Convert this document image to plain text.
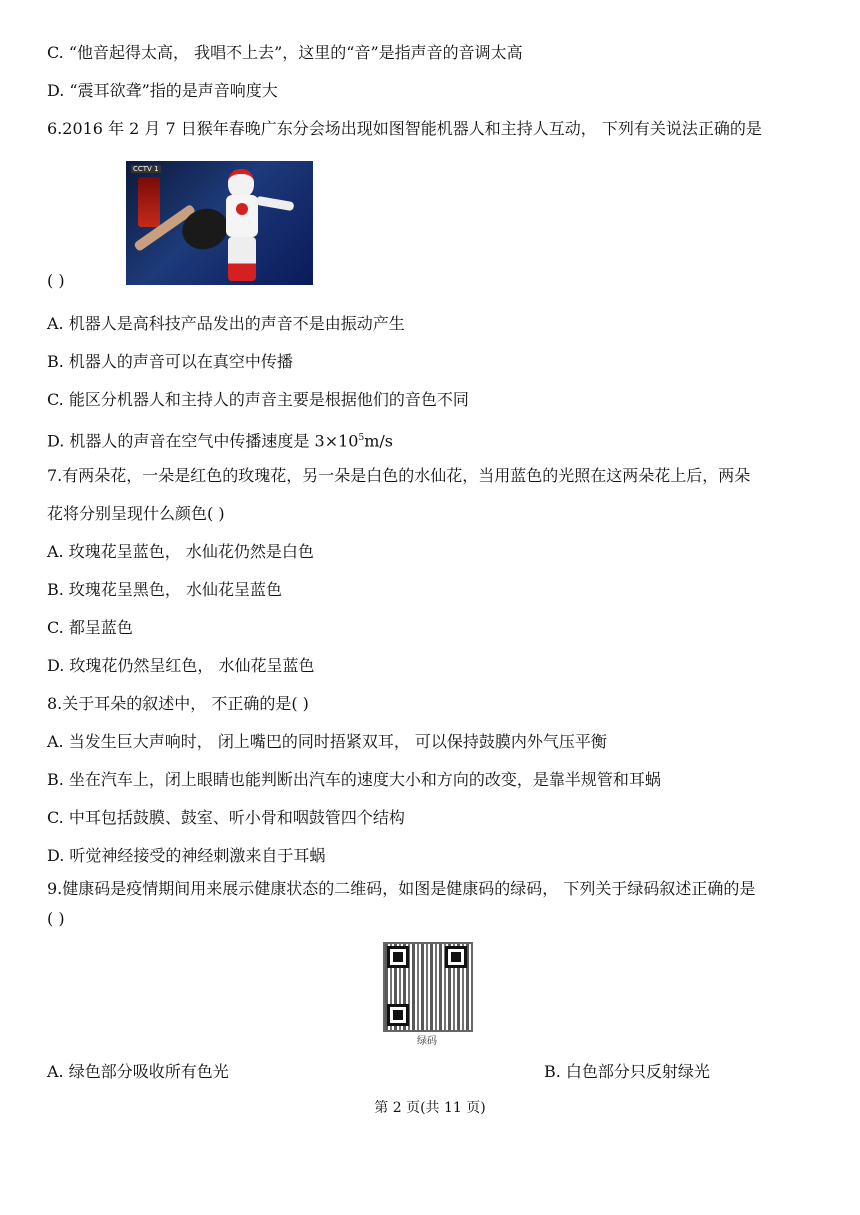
C. “他音起得太高， 我唱不上去”，这里的“音”是指声音的音调太高
D. “震耳欲聋”指的是声音响度大
6.2016 年 2 月 7 日猴年春晚广东分会场出现如图智能机器人和主持人互动， 下列有关说法正确的是
CCTV 1
( )
A. 机器人是高科技产品发出的声音不是由振动产生
B. 机器人的声音可以在真空中传播
C. 能区分机器人和主持人的声音主要是根据他们的音色不同
D. 机器人的声音在空气中传播速度是 $3\times 10^5m/s$
7.有两朵花，一朵是红色的玫瑰花，另一朵是白色的水仙花，当用蓝色的光照在这两朵花上后，两朵
花将分别呈现什么颜色( )
A. 玫瑰花呈蓝色， 水仙花仍然是白色
B. 玫瑰花呈黑色， 水仙花呈蓝色
C. 都呈蓝色
D. 玫瑰花仍然呈红色， 水仙花呈蓝色
8.关于耳朵的叙述中， 不正确的是( )
A. 当发生巨大声响时， 闭上嘴巴的同时捂紧双耳， 可以保持鼓膜内外气压平衡
B. 坐在汽车上，闭上眼睛也能判断出汽车的速度大小和方向的改变，是靠半规管和耳蜗
C. 中耳包括鼓膜、鼓室、听小骨和咽鼓管四个结构
D. 听觉神经接受的神经刺激来自于耳蜗
9.健康码是疫情期间用来展示健康状态的二维码，如图是健康码的绿码， 下列关于绿码叙述正确的是
( )
绿码
A. 绿色部分吸收所有色光	B. 白色部分只反射绿光
第 2 页(共 11 页)
